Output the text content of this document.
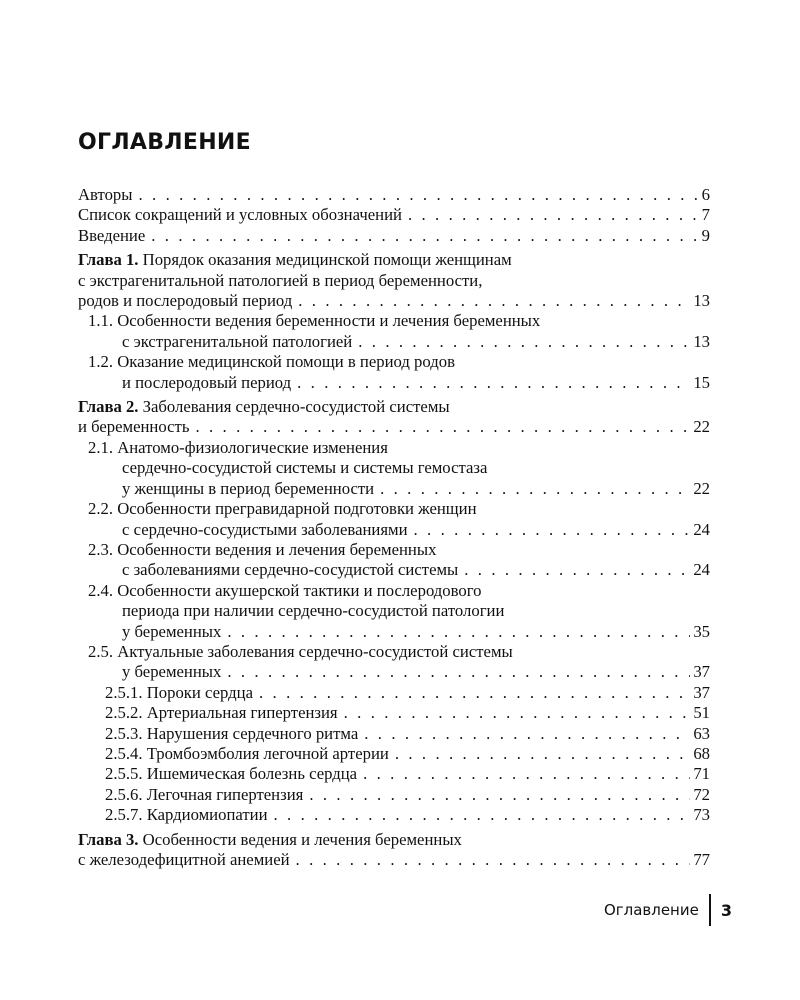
ОГЛАВЛЕНИЕ
Авторы . . .	6
Список сокращений и условных обозначений . . .	7
Введение . . .	9
Глава 1. Порядок оказания медицинской помощи женщинам
с экстрагенитальной патологией в период беременности,
родов и послеродовый период . . .	13
1.1. Особенности ведения беременности и лечения беременных
с экстрагенитальной патологией . . .	13
1.2. Оказание медицинской помощи в период родов
и послеродовый период . . .	15
Глава 2. Заболевания сердечно-сосудистой системы
и беременность . . .	22
2.1. Анатомо-физиологические изменения
сердечно-сосудистой системы и системы гемостаза
у женщины в период беременности . . .	22
2.2. Особенности прегравидарной подготовки женщин
с сердечно-сосудистыми заболеваниями . . .	24
2.3. Особенности ведения и лечения беременных
с заболеваниями сердечно-сосудистой системы . . .	24
2.4. Особенности акушерской тактики и послеродового
периода при наличии сердечно-сосудистой патологии
у беременных . . .	35
2.5. Актуальные заболевания сердечно-сосудистой системы
у беременных . . .	37
2.5.1. Пороки сердца . . .	37
2.5.2. Артериальная гипертензия . . .	51
2.5.3. Нарушения сердечного ритма . . .	63
2.5.4. Тромбоэмболия легочной артерии . . .	68
2.5.5. Ишемическая болезнь сердца . . .	71
2.5.6. Легочная гипертензия . . .	72
2.5.7. Кардиомиопатии . . .	73
Глава 3. Особенности ведения и лечения беременных
с железодефицитной анемией . . .	77
Оглавление 3
